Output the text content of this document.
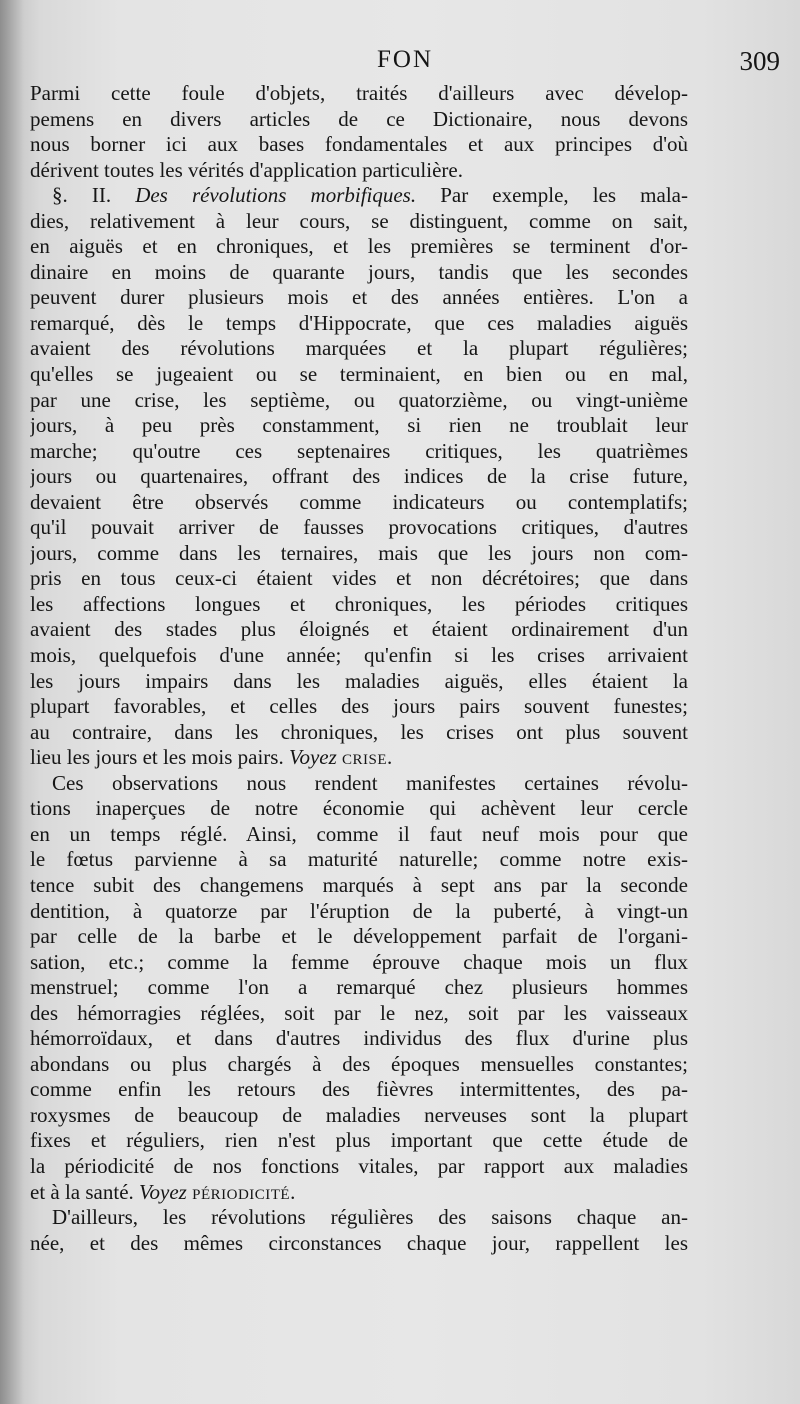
FON	309
Parmi cette foule d'objets, traités d'ailleurs avec dévelop-
pemens en divers articles de ce Dictionaire, nous devons
nous borner ici aux bases fondamentales et aux principes d'où
dérivent toutes les vérités d'application particulière.
§. II. Des révolutions morbifiques. Par exemple, les mala-
dies, relativement à leur cours, se distinguent, comme on sait,
en aiguës et en chroniques, et les premières se terminent d'or-
dinaire en moins de quarante jours, tandis que les secondes
peuvent durer plusieurs mois et des années entières. L'on a
remarqué, dès le temps d'Hippocrate, que ces maladies aiguës
avaient des révolutions marquées et la plupart régulières;
qu'elles se jugeaient ou se terminaient, en bien ou en mal,
par une crise, les septième, ou quatorzième, ou vingt-unième
jours, à peu près constamment, si rien ne troublait leur
marche; qu'outre ces septenaires critiques, les quatrièmes
jours ou quartenaires, offrant des indices de la crise future,
devaient être observés comme indicateurs ou contemplatifs;
qu'il pouvait arriver de fausses provocations critiques, d'autres
jours, comme dans les ternaires, mais que les jours non com-
pris en tous ceux-ci étaient vides et non décrétoires; que dans
les affections longues et chroniques, les périodes critiques
avaient des stades plus éloignés et étaient ordinairement d'un
mois, quelquefois d'une année; qu'enfin si les crises arrivaient
les jours impairs dans les maladies aiguës, elles étaient la
plupart favorables, et celles des jours pairs souvent funestes;
au contraire, dans les chroniques, les crises ont plus souvent
lieu les jours et les mois pairs. Voyez crise.
Ces observations nous rendent manifestes certaines révolu-
tions inaperçues de notre économie qui achèvent leur cercle
en un temps réglé. Ainsi, comme il faut neuf mois pour que
le fœtus parvienne à sa maturité naturelle; comme notre exis-
tence subit des changemens marqués à sept ans par la seconde
dentition, à quatorze par l'éruption de la puberté, à vingt-un
par celle de la barbe et le développement parfait de l'organi-
sation, etc.; comme la femme éprouve chaque mois un flux
menstruel; comme l'on a remarqué chez plusieurs hommes
des hémorragies réglées, soit par le nez, soit par les vaisseaux
hémorroïdaux, et dans d'autres individus des flux d'urine plus
abondans ou plus chargés à des époques mensuelles constantes;
comme enfin les retours des fièvres intermittentes, des pa-
roxysmes de beaucoup de maladies nerveuses sont la plupart
fixes et réguliers, rien n'est plus important que cette étude de
la périodicité de nos fonctions vitales, par rapport aux maladies
et à la santé. Voyez périodicité.
D'ailleurs, les révolutions régulières des saisons chaque an-
née, et des mêmes circonstances chaque jour, rappellent les
